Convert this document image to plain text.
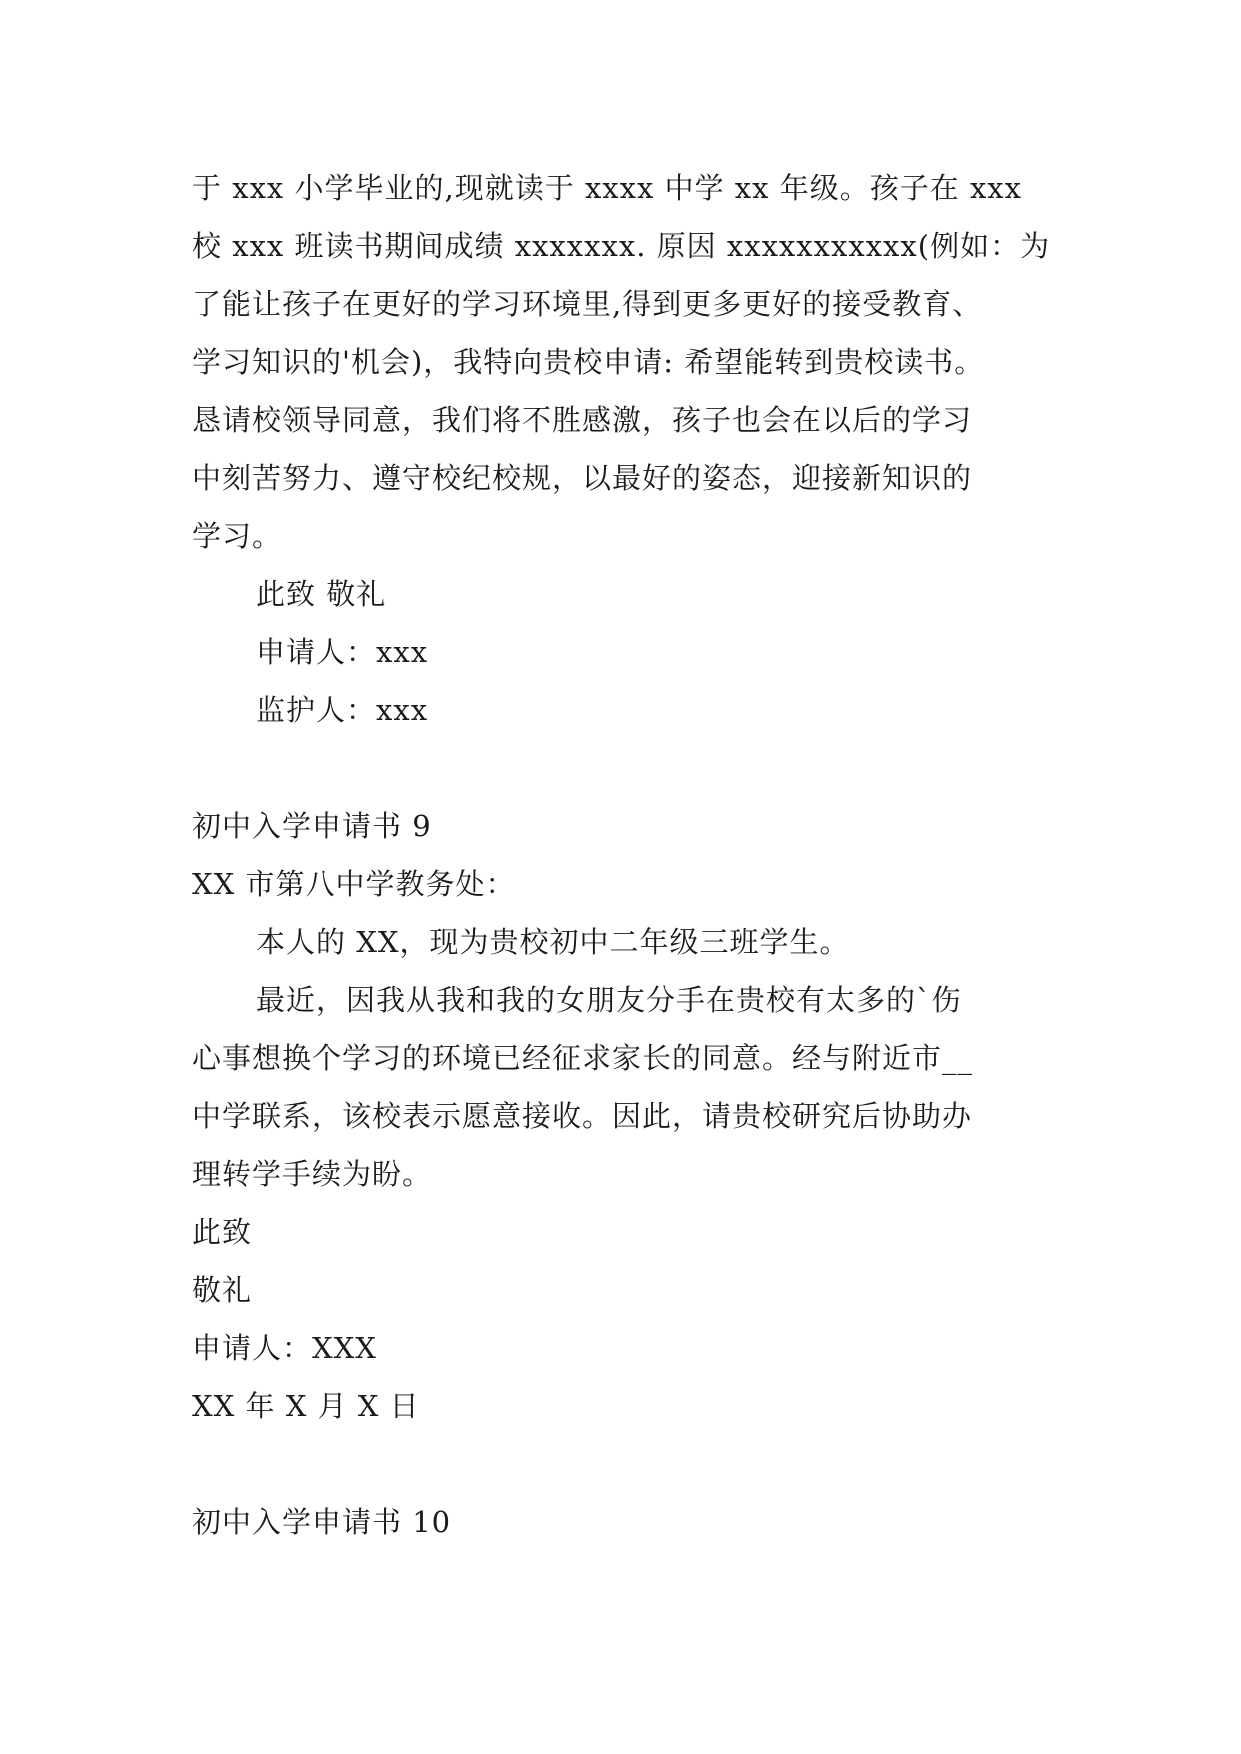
于 xxx 小学毕业的,现就读于 xxxx 中学 xx 年级。孩子在 xxx
校 xxx 班读书期间成绩 xxxxxxx. 原因 xxxxxxxxxxx(例如：为
了能让孩子在更好的学习环境里,得到更多更好的接受教育、
学习知识的'机会)，我特向贵校申请: 希望能转到贵校读书。
恳请校领导同意，我们将不胜感激，孩子也会在以后的学习
中刻苦努力、遵守校纪校规，以最好的姿态，迎接新知识的
学习。
此致 敬礼
申请人：xxx
监护人：xxx
初中入学申请书 9
XX 市第八中学教务处：
本人的 XX，现为贵校初中二年级三班学生。
最近，因我从我和我的女朋友分手在贵校有太多的`伤
心事想换个学习的环境已经征求家长的同意。经与附近市__
中学联系，该校表示愿意接收。因此，请贵校研究后协助办
理转学手续为盼。
此致
敬礼
申请人：XXX
XX 年 X 月 X 日
初中入学申请书 10
